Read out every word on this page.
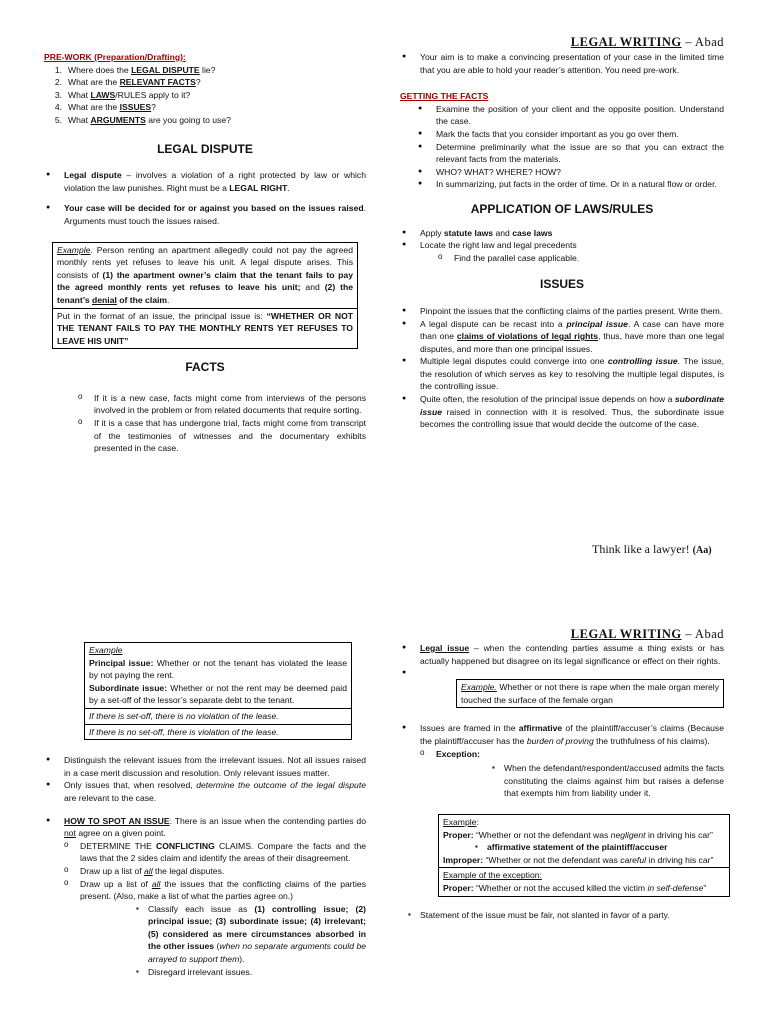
LEGAL WRITING – Abad

PRE-WORK (Preparation/Drafting):

1. Where does the LEGAL DISPUTE lie?
2. What are the RELEVANT FACTS?
3. What LAWS/RULES apply to it?
4. What are the ISSUES?
5. What ARGUMENTS are you going to use?

LEGAL DISPUTE

● Legal dispute – involves a violation of a right protected by law or which violation the law punishes. Right must be a LEGAL RIGHT.
● Your case will be decided for or against you based on the issues raised. Arguments must touch the issues raised.
Example. Person renting an apartment allegedly could not pay the agreed monthly rents yet refuses to leave his unit. A legal dispute arises. This consists of (1) the apartment owner’s claim that the tenant fails to pay the agreed monthly rents yet refuses to leave his unit; and (2) the tenant’s denial of the claim.
Put in the format of an issue, the principal issue is: “WHETHER OR NOT THE TENANT FAILS TO PAY THE MONTHLY RENTS YET REFUSES TO LEAVE HIS UNIT”

FACTS

o If it is a new case, facts might come from interviews of the persons involved in the problem or from related documents that require sorting.
o If it is a case that has undergone trial, facts might come from transcript of the testimonies of witnesses and the documentary exhibits presented in the case.
● Your aim is to make a convincing presentation of your case in the limited time that you are able to hold your reader’s attention. You need pre-work.

GETTING THE FACTS

● Examine the position of your client and the opposite position. Understand the case.
● Mark the facts that you consider important as you go over them.
● Determine preliminarily what the issue are so that you can extract the relevant facts from the materials.
● WHO? WHAT? WHERE? HOW?
● In summarizing, put facts in the order of time. Or in a natural flow or order.

APPLICATION OF LAWS/RULES

● Apply statute laws and case laws
● Locate the right law and legal precedents
o Find the parallel case applicable.

ISSUES

● Pinpoint the issues that the conflicting claims of the parties present. Write them.
● A legal dispute can be recast into a principal issue. A case can have more than one claims of violations of legal rights, thus, have more than one legal disputes, and more than one principal issues.
● Multiple legal disputes could converge into one controlling issue. The issue, the resolution of which serves as key to resolving the multiple legal disputes, is the controlling issue.
● Quite often, the resolution of the principal issue depends on how a subordinate issue raised in connection with it is resolved. Thus, the subordinate issue becomes the controlling issue that would decide the outcome of the case.
Think like a lawyer! (Aa)
LEGAL WRITING – Abad
Example
Principal issue: Whether or not the tenant has violated the lease by not paying the rent.
Subordinate issue: Whether or not the rent may be deemed paid by a set-off of the lessor’s separate debt to the tenant.
If there is set-off, there is no violation of the lease.
If there is no set-off, there is violation of the lease.
● Distinguish the relevant issues from the irrelevant issues. Not all issues raised in a case merit discussion and resolution. Only relevant issues matter.
● Only issues that, when resolved, determine the outcome of the legal dispute are relevant to the case.
● HOW TO SPOT AN ISSUE: There is an issue when the contending parties do not agree on a given point.
o DETERMINE THE CONFLICTING CLAIMS. Compare the facts and the laws that the 2 sides claim and identify the areas of their disagreement.
o Draw up a list of all the legal disputes.
o Draw up a list of all the issues that the conflicting claims of the parties present. (Also, make a list of what the parties agree on.)
▪ Classify each issue as (1) controlling issue; (2) principal issue; (3) subordinate issue; (4) irrelevant; (5) considered as mere circumstances absorbed in the other issues (when no separate arguments could be arrayed to support them).
▪ Disregard irrelevant issues.
● Legal issue – when the contending parties assume a thing exists or has actually happened but disagree on its legal significance or effect on their rights.
●
Example. Whether or not there is rape when the male organ merely touched the surface of the female organ
● Issues are framed in the affirmative of the plaintiff/accuser’s claims (Because the plaintiff/accuser has the burden of proving the truthfulness of his claims).
o Exception:
▪ When the defendant/respondent/accused admits the facts constituting the claims against him but raises a defense that exempts him from liability under it.
Example:
Proper: “Whether or not the defendant was negligent in driving his car”
▪ affirmative statement of the plaintiff/accuser
Improper: “Whether or not the defendant was careful in driving his car”
Example of the exception:
Proper: “Whether or not the accused killed the victim in self-defense”
▪ Statement of the issue must be fair, not slanted in favor of a party.
